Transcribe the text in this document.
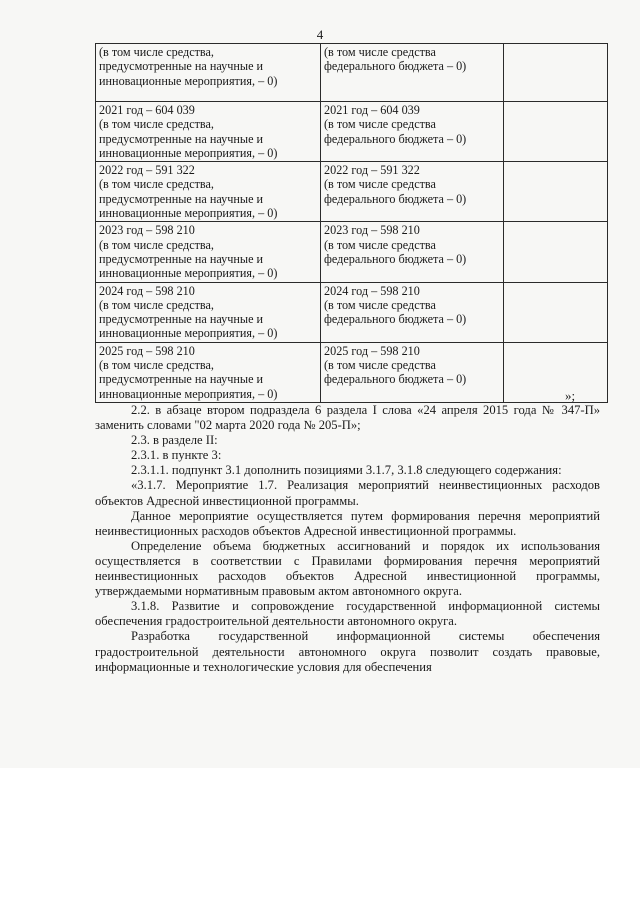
4
(в том числе средства,
предусмотренные на научные и
инновационные мероприятия, – 0)	(в том числе средства
федерального бюджета – 0)	

2021 год – 604 039
(в том числе средства,
предусмотренные на научные и
инновационные мероприятия, – 0)	2021 год – 604 039
(в том числе средства
федерального бюджета – 0)	

2022 год – 591 322
(в том числе средства,
предусмотренные на научные и
инновационные мероприятия, – 0)	2022 год – 591 322
(в том числе средства
федерального бюджета – 0)	

2023 год – 598 210
(в том числе средства,
предусмотренные на научные и
инновационные мероприятия, – 0)	2023 год – 598 210
(в том числе средства
федерального бюджета – 0)	

2024 год – 598 210
(в том числе средства,
предусмотренные на научные и
инновационные мероприятия, – 0)	2024 год – 598 210
(в том числе средства
федерального бюджета – 0)	

2025 год – 598 210
(в том числе средства,
предусмотренные на научные и
инновационные мероприятия, – 0)	2025 год – 598 210
(в том числе средства
федерального бюджета – 0)	

»;

2.2. в абзаце втором подраздела 6 раздела I слова «24 апреля 2015 года № 347-П» заменить словами "02 марта 2020 года № 205-П»;

2.3. в разделе II:

2.3.1. в пункте 3:

2.3.1.1. подпункт 3.1 дополнить позициями 3.1.7, 3.1.8 следующего содержания:

«3.1.7. Мероприятие 1.7. Реализация мероприятий неинвестиционных расходов объектов Адресной инвестиционной программы.

Данное мероприятие осуществляется путем формирования перечня мероприятий неинвестиционных расходов объектов Адресной инвестиционной программы.

Определение объема бюджетных ассигнований и порядок их использования осуществляется в соответствии с Правилами формирования перечня мероприятий неинвестиционных расходов объектов Адресной инвестиционной программы, утверждаемыми нормативным правовым актом автономного округа.

3.1.8. Развитие и сопровождение государственной информационной системы обеспечения градостроительной деятельности автономного округа.

Разработка государственной информационной системы обеспечения градостроительной деятельности автономного округа позволит создать правовые, информационные и технологические условия для обеспечения
